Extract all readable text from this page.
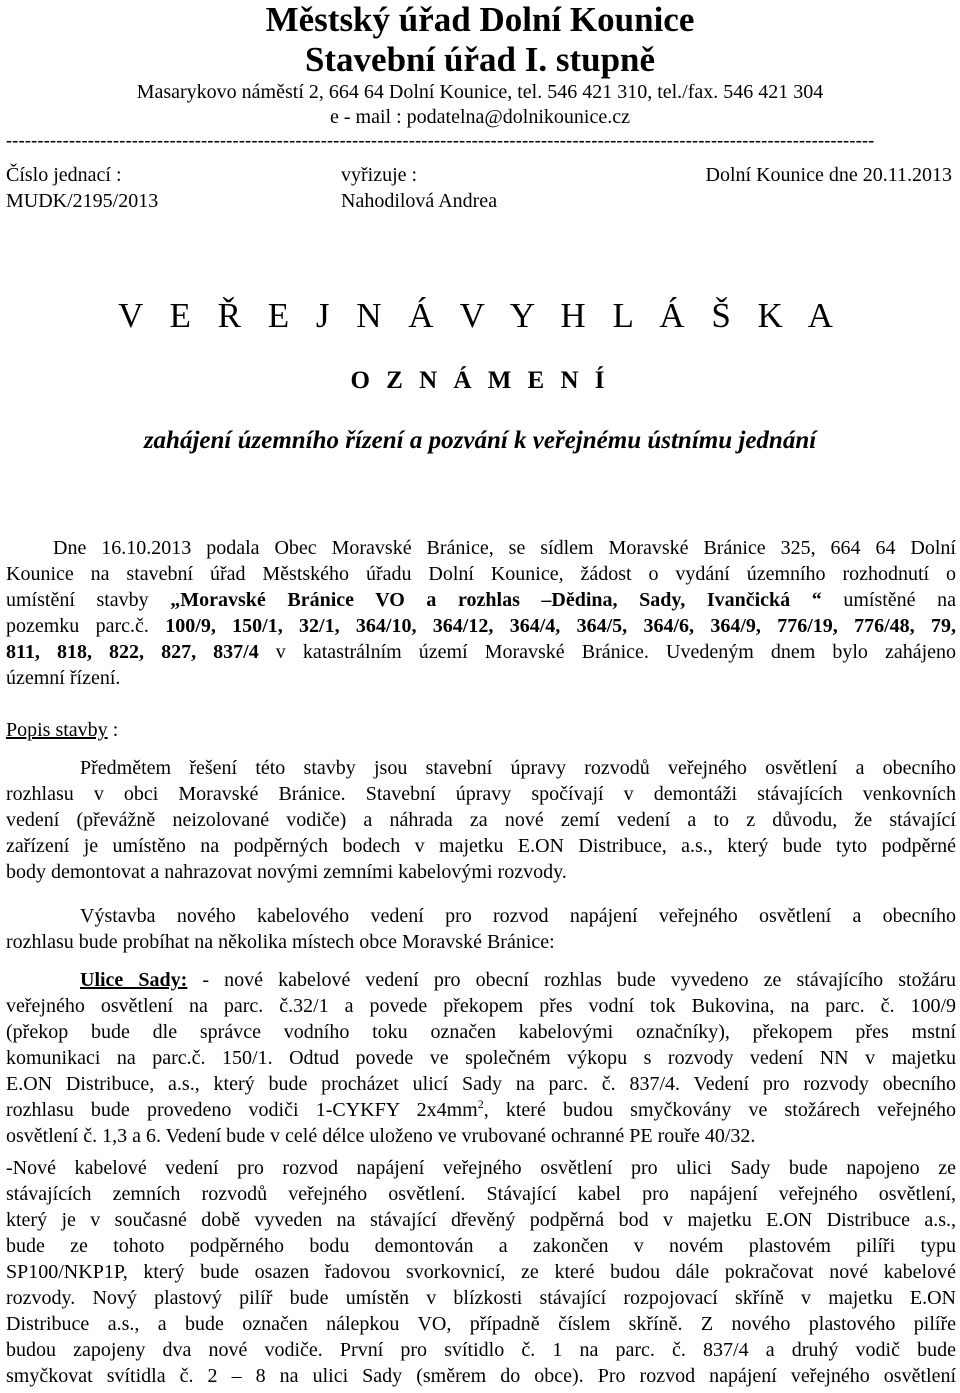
Městský úřad Dolní Kounice
Stavební úřad I. stupně
Masarykovo náměstí 2, 664 64 Dolní Kounice, tel. 546 421 310, tel./fax. 546 421 304
e - mail : podatelna@dolnikounice.cz
------------------------------------------------------------------------------------------------------------------------------------------
Číslo jednací :	vyřizuje :	Dolní Kounice dne 20.11.2013
MUDK/2195/2013	Nahodilová Andrea
V E Ř E J N Á V Y H L Á Š K A
O Z N Á M E N Í
zahájení územního řízení a pozvání k veřejnému ústnímu jednání
Dne 16.10.2013 podala Obec Moravské Bránice, se sídlem Moravské Bránice 325, 664 64 Dolní
Kounice na stavební úřad Městského úřadu Dolní Kounice, žádost o vydání územního rozhodnutí o
umístění stavby „Moravské Bránice VO a rozhlas –Dědina, Sady, Ivančická “ umístěné na
pozemku parc.č. 100/9, 150/1, 32/1, 364/10, 364/12, 364/4, 364/5, 364/6, 364/9, 776/19, 776/48, 79,
811, 818, 822, 827, 837/4 v katastrálním území Moravské Bránice. Uvedeným dnem bylo zahájeno
územní řízení.
Popis stavby :
Předmětem řešení této stavby jsou stavební úpravy rozvodů veřejného osvětlení a obecního
rozhlasu v obci Moravské Bránice. Stavební úpravy spočívají v demontáži stávajících venkovních
vedení (převážně neizolované vodiče) a náhrada za nové zemí vedení a to z důvodu, že stávající
zařízení je umístěno na podpěrných bodech v majetku E.ON Distribuce, a.s., který bude tyto podpěrné
body demontovat a nahrazovat novými zemními kabelovými rozvody.
Výstavba nového kabelového vedení pro rozvod napájení veřejného osvětlení a obecního
rozhlasu bude probíhat na několika místech obce Moravské Bránice:
Ulice Sady: - nové kabelové vedení pro obecní rozhlas bude vyvedeno ze stávajícího stožáru
veřejného osvětlení na parc. č.32/1 a povede překopem přes vodní tok Bukovina, na parc. č. 100/9
(překop bude dle správce vodního toku označen kabelovými označníky), překopem přes mstní
komunikaci na parc.č. 150/1. Odtud povede ve společném výkopu s rozvody vedení NN v majetku
E.ON Distribuce, a.s., který bude procházet ulicí Sady na parc. č. 837/4. Vedení pro rozvody obecního
rozhlasu bude provedeno vodiči 1-CYKFY $2x4mm^2$, které budou smyčkovány ve stožárech veřejného
osvětlení č. 1,3 a 6. Vedení bude v celé délce uloženo ve vrubované ochranné PE rouře 40/32.
-Nové kabelové vedení pro rozvod napájení veřejného osvětlení pro ulici Sady bude napojeno ze
stávajících zemních rozvodů veřejného osvětlení. Stávající kabel pro napájení veřejného osvětlení,
který je v současné době vyveden na stávající dřevěný podpěrná bod v majetku E.ON Distribuce a.s.,
bude ze tohoto podpěrného bodu demontován a zakončen v novém plastovém pilíři typu
SP100/NKP1P, který bude osazen řadovou svorkovnicí, ze které budou dále pokračovat nové kabelové
rozvody. Nový plastový pilíř bude umístěn v blízkosti stávající rozpojovací skříně v majetku E.ON
Distribuce a.s., a bude označen nálepkou VO, případně číslem skříně. Z nového plastového pilíře
budou zapojeny dva nové vodiče. První pro svítidlo č. 1 na parc. č. 837/4 a druhý vodič bude
smyčkovat svítidla č. 2 – 8 na ulici Sady (směrem do obce). Pro rozvod napájení veřejného osvětlení
